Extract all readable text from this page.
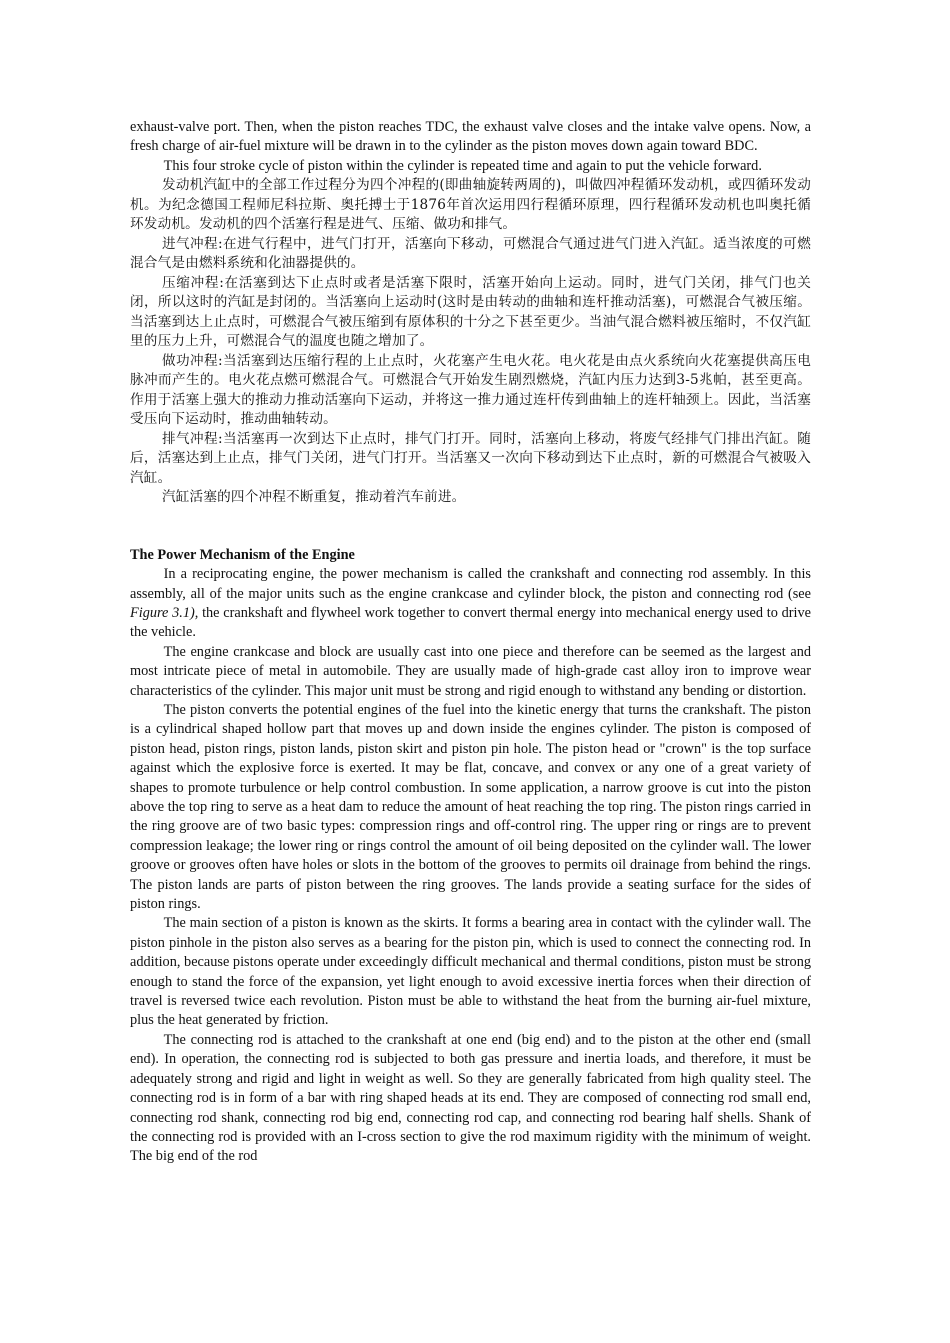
exhaust-valve port. Then, when the piston reaches TDC, the exhaust valve closes and the intake valve opens. Now, a fresh charge of air-fuel mixture will be drawn in to the cylinder as the piston moves down again toward BDC.

This four stroke cycle of piston within the cylinder is repeated time and again to put the vehicle forward.

发动机汽缸中的全部工作过程分为四个冲程的(即曲轴旋转两周的)，叫做四冲程循环发动机，或四循环发动机。为纪念德国工程师尼科拉斯、奥托搏士于1876年首次运用四行程循环原理，四行程循环发动机也叫奥托循环发动机。发动机的四个活塞行程是进气、压缩、做功和排气。

进气冲程:在进气行程中，进气门打开，活塞向下移动，可燃混合气通过进气门进入汽缸。适当浓度的可燃混合气是由燃料系统和化油器提供的。

压缩冲程:在活塞到达下止点时或者是活塞下限时，活塞开始向上运动。同时，进气门关闭，排气门也关闭，所以这时的汽缸是封闭的。当活塞向上运动时(这时是由转动的曲轴和连杆推动活塞)，可燃混合气被压缩。当活塞到达上止点时，可燃混合气被压缩到有原体积的十分之下甚至更少。当油气混合燃料被压缩时，不仅汽缸里的压力上升，可燃混合气的温度也随之增加了。

做功冲程:当活塞到达压缩行程的上止点时，火花塞产生电火花。电火花是由点火系统向火花塞提供高压电脉冲而产生的。电火花点燃可燃混合气。可燃混合气开始发生剧烈燃烧，汽缸内压力达到3-5兆帕，甚至更高。作用于活塞上强大的推动力推动活塞向下运动，并将这一推力通过连杆传到曲轴上的连杆轴颈上。因此，当活塞受压向下运动时，推动曲轴转动。

排气冲程:当活塞再一次到达下止点时，排气门打开。同时，活塞向上移动，将废气经排气门排出汽缸。随后，活塞达到上止点，排气门关闭，进气门打开。当活塞又一次向下移动到达下止点时，新的可燃混合气被吸入汽缸。

汽缸活塞的四个冲程不断重复，推动着汽车前进。

The Power Mechanism of the Engine

In a reciprocating engine, the power mechanism is called the crankshaft and connecting rod assembly. In this assembly, all of the major units such as the engine crankcase and cylinder block, the piston and connecting rod (see Figure 3.1), the crankshaft and flywheel work together to convert thermal energy into mechanical energy used to drive the vehicle.

The engine crankcase and block are usually cast into one piece and therefore can be seemed as the largest and most intricate piece of metal in automobile. They are usually made of high-grade cast alloy iron to improve wear characteristics of the cylinder. This major unit must be strong and rigid enough to withstand any bending or distortion.

The piston converts the potential engines of the fuel into the kinetic energy that turns the crankshaft. The piston is a cylindrical shaped hollow part that moves up and down inside the engines cylinder. The piston is composed of piston head, piston rings, piston lands, piston skirt and piston pin hole. The piston head or "crown" is the top surface against which the explosive force is exerted. It may be flat, concave, and convex or any one of a great variety of shapes to promote turbulence or help control combustion. In some application, a narrow groove is cut into the piston above the top ring to serve as a heat dam to reduce the amount of heat reaching the top ring. The piston rings carried in the ring groove are of two basic types: compression rings and off-control ring. The upper ring or rings are to prevent compression leakage; the lower ring or rings control the amount of oil being deposited on the cylinder wall. The lower groove or grooves often have holes or slots in the bottom of the grooves to permits oil drainage from behind the rings. The piston lands are parts of piston between the ring grooves. The lands provide a seating surface for the sides of piston rings.

The main section of a piston is known as the skirts. It forms a bearing area in contact with the cylinder wall. The piston pinhole in the piston also serves as a bearing for the piston pin, which is used to connect the connecting rod. In addition, because pistons operate under exceedingly difficult mechanical and thermal conditions, piston must be strong enough to stand the force of the expansion, yet light enough to avoid excessive inertia forces when their direction of travel is reversed twice each revolution. Piston must be able to withstand the heat from the burning air-fuel mixture, plus the heat generated by friction.

The connecting rod is attached to the crankshaft at one end (big end) and to the piston at the other end (small end). In operation, the connecting rod is subjected to both gas pressure and inertia loads, and therefore, it must be adequately strong and rigid and light in weight as well. So they are generally fabricated from high quality steel. The connecting rod is in form of a bar with ring shaped heads at its end. They are composed of connecting rod small end, connecting rod shank, connecting rod big end, connecting rod cap, and connecting rod bearing half shells. Shank of the connecting rod is provided with an I-cross section to give the rod maximum rigidity with the minimum of weight. The big end of the rod
